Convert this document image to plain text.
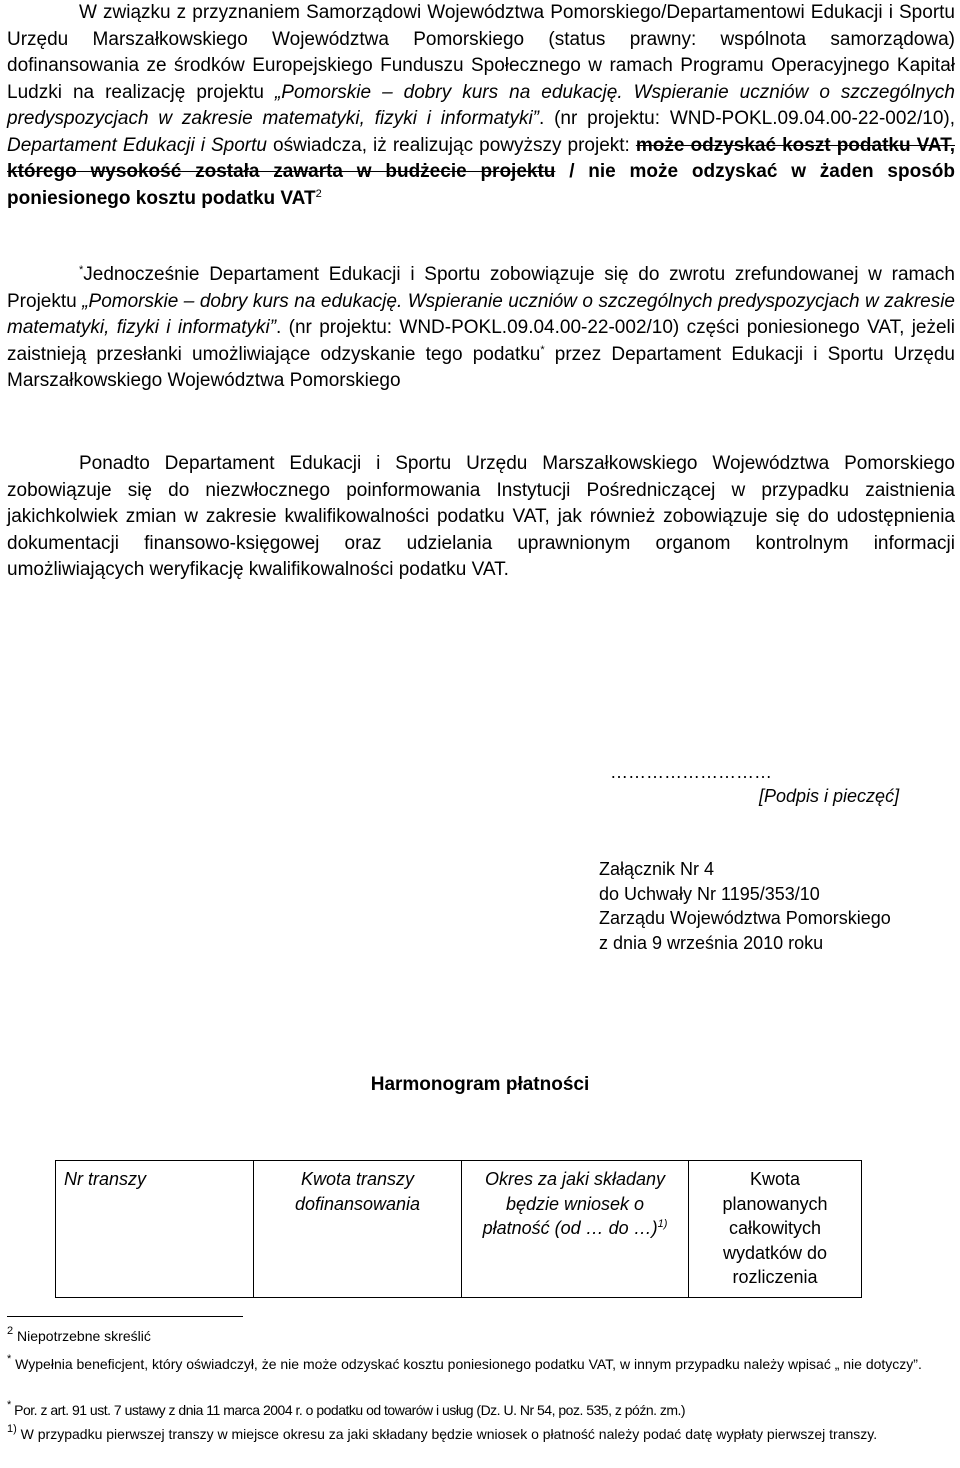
W związku z przyznaniem Samorządowi Województwa Pomorskiego/Departamentowi Edukacji i Sportu Urzędu Marszałkowskiego Województwa Pomorskiego (status prawny: wspólnota samorządowa) dofinansowania ze środków Europejskiego Funduszu Społecznego w ramach Programu Operacyjnego Kapitał Ludzki na realizację projektu „Pomorskie – dobry kurs na edukację. Wspieranie uczniów o szczególnych predyspozycjach w zakresie matematyki, fizyki i informatyki”. (nr projektu: WND-POKL.09.04.00-22-002/10), Departament Edukacji i Sportu oświadcza, iż realizując powyższy projekt: może odzyskać koszt podatku VAT, którego wysokość została zawarta w budżecie projektu / nie może odzyskać w żaden sposób poniesionego kosztu podatku VAT$^2$

*Jednocześnie Departament Edukacji i Sportu zobowiązuje się do zwrotu zrefundowanej w ramach Projektu „Pomorskie – dobry kurs na edukację. Wspieranie uczniów o szczególnych predyspozycjach w zakresie matematyki, fizyki i informatyki”. (nr projektu: WND-POKL.09.04.00-22-002/10) części poniesionego VAT, jeżeli zaistnieją przesłanki umożliwiające odzyskanie tego podatku* przez Departament Edukacji i Sportu Urzędu Marszałkowskiego Województwa Pomorskiego

Ponadto Departament Edukacji i Sportu Urzędu Marszałkowskiego Województwa Pomorskiego zobowiązuje się do niezwłocznego poinformowania Instytucji Pośredniczącej w przypadku zaistnienia jakichkolwiek zmian w zakresie kwalifikowalności podatku VAT, jak również zobowiązuje się do udostępnienia dokumentacji finansowo-księgowej oraz udzielania uprawnionym organom kontrolnym informacji umożliwiających weryfikację kwalifikowalności podatku VAT.

………………………
[Podpis i pieczęć]
Załącznik Nr 4
do Uchwały Nr 1195/353/10
Zarządu Województwa Pomorskiego
z dnia 9 września 2010 roku
Harmonogram płatności
Nr transzy	Kwota transzy dofinansowania	Okres za jaki składany będzie wniosek o płatność (od … do …)$^{1)}$	Kwota planowanych całkowitych wydatków do rozliczenia
$^2$ Niepotrzebne skreślić
* Wypełnia beneficjent, który oświadczył, że nie może odzyskać kosztu poniesionego podatku VAT, w innym przypadku należy wpisać „ nie dotyczy”.
* Por. z art. 91 ust. 7 ustawy z dnia 11 marca 2004 r. o podatku od towarów i usług (Dz. U. Nr 54, poz. 535, z późn. zm.)
$^{1)}$ W przypadku pierwszej transzy w miejsce okresu za jaki składany będzie wniosek o płatność należy podać datę wypłaty pierwszej transzy.
